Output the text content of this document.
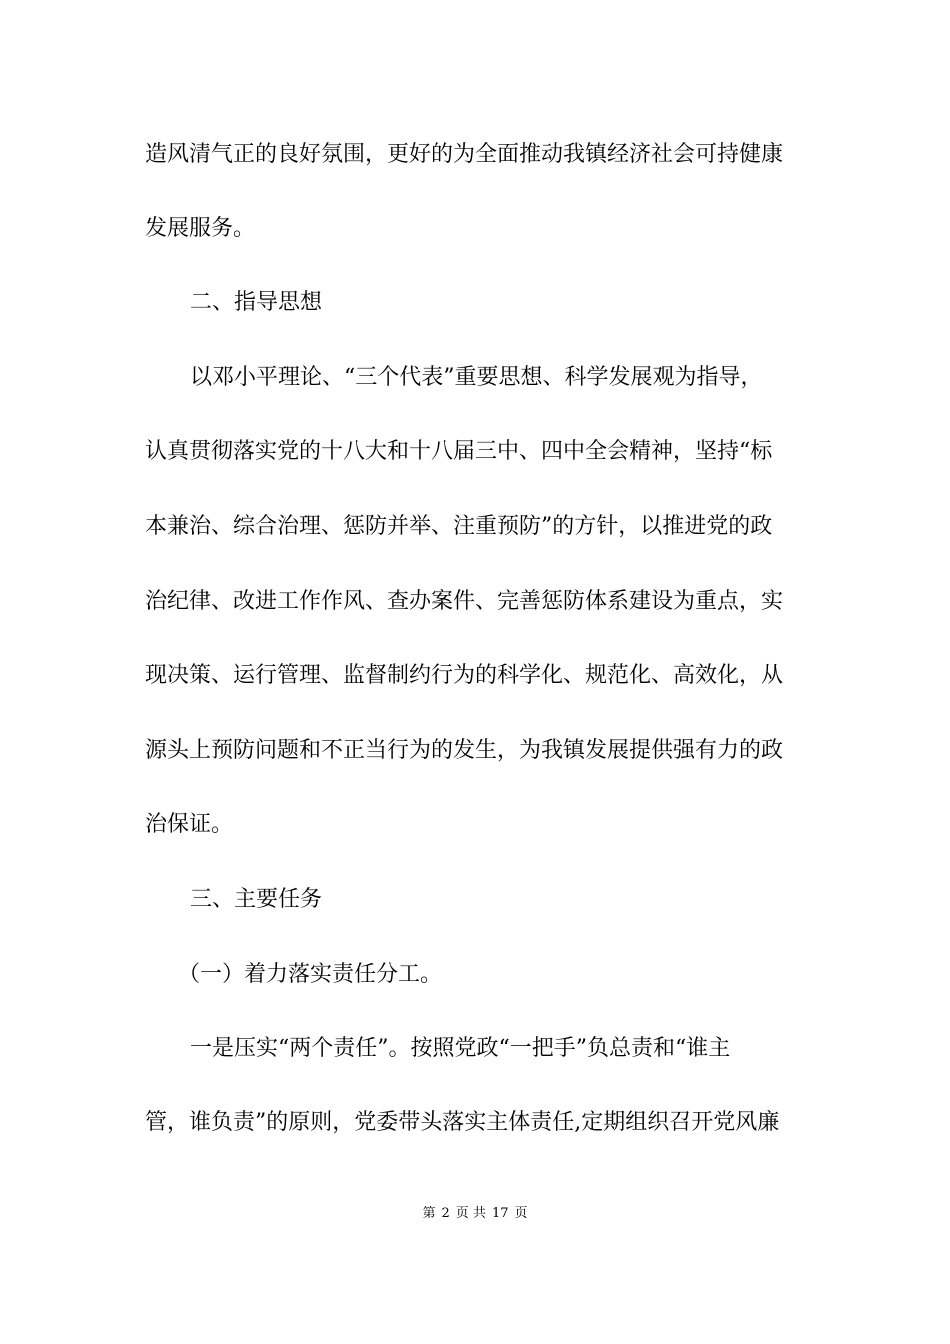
造风清气正的良好氛围，更好的为全面推动我镇经济社会可持健康
发展服务。
二、指导思想
以邓小平理论、“三个代表”重要思想、科学发展观为指导，
认真贯彻落实党的十八大和十八届三中、四中全会精神，坚持“标
本兼治、综合治理、惩防并举、注重预防”的方针，以推进党的政
治纪律、改进工作作风、查办案件、完善惩防体系建设为重点，实
现决策、运行管理、监督制约行为的科学化、规范化、高效化，从
源头上预防问题和不正当行为的发生，为我镇发展提供强有力的政
治保证。
三、主要任务
（一）着力落实责任分工。
一是压实“两个责任”。按照党政“一把手”负总责和“谁主
管，谁负责”的原则，党委带头落实主体责任,定期组织召开党风廉
第 2 页 共 17 页
